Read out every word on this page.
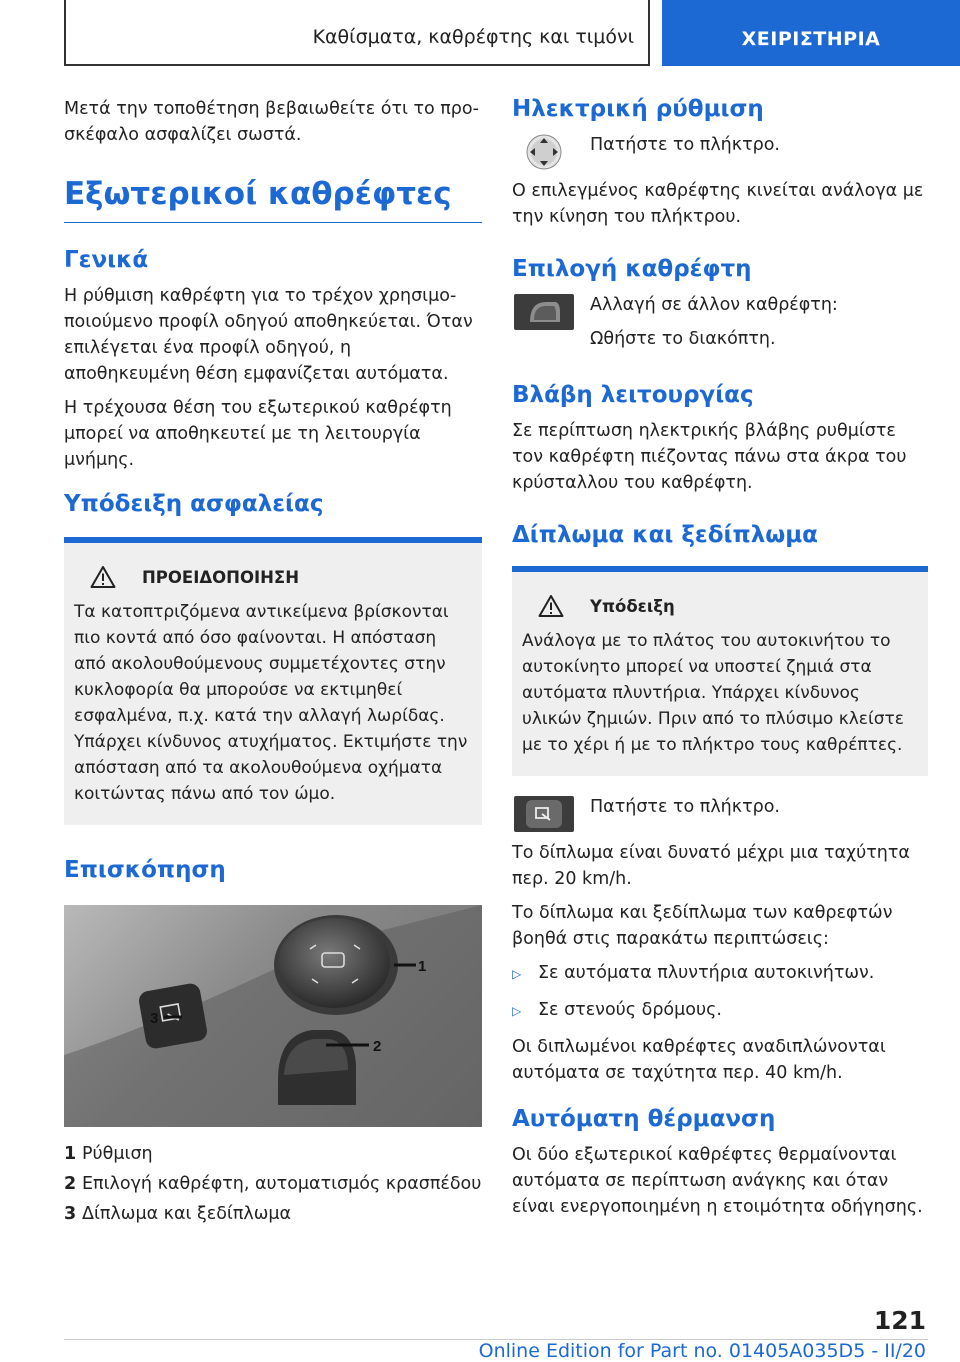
Καθίσματα, καθρέφτης και τιμόνι	ΧΕΙΡΙΣΤΗΡΙΑ

Μετά την τοποθέτηση βεβαιωθείτε ότι το προσκέφαλο ασφαλίζει σωστά.

Εξωτερικοί καθρέφτες
Γενικά

Η ρύθμιση καθρέφτη για το τρέχον χρησιμοποιούμενο προφίλ οδηγού αποθηκεύεται. Όταν επιλέγεται ένα προφίλ οδηγού, η αποθηκευμένη θέση εμφανίζεται αυτόματα.

Η τρέχουσα θέση του εξωτερικού καθρέφτη μπορεί να αποθηκευτεί με τη λειτουργία μνήμης.

Υπόδειξη ασφαλείας
ΠΡΟΕΙΔΟΠΟΙΗΣΗ

Τα κατοπτριζόμενα αντικείμενα βρίσκονται πιο κοντά από όσο φαίνονται. Η απόσταση από ακολουθούμενους συμμετέχοντες στην κυκλοφορία θα μπορούσε να εκτιμηθεί εσφαλμένα, π.χ. κατά την αλλαγή λωρίδας. Υπάρχει κίνδυνος ατυχήματος. Εκτιμήστε την απόσταση από τα ακολουθούμενα οχήματα κοιτώντας πάνω από τον ώμο.

Επισκόπηση
1
2
3
1 Ρύθμιση
2 Επιλογή καθρέφτη, αυτοματισμός κρασπέδου
3 Δίπλωμα και ξεδίπλωμα
Ηλεκτρική ρύθμιση

Πατήστε το πλήκτρο.

Ο επιλεγμένος καθρέφτης κινείται ανάλογα με την κίνηση του πλήκτρου.

Επιλογή καθρέφτη

Αλλαγή σε άλλον καθρέφτη:

Ωθήστε το διακόπτη.

Βλάβη λειτουργίας

Σε περίπτωση ηλεκτρικής βλάβης ρυθμίστε τον καθρέφτη πιέζοντας πάνω στα άκρα του κρύσταλλου του καθρέφτη.

Δίπλωμα και ξεδίπλωμα
Υπόδειξη

Ανάλογα με το πλάτος του αυτοκινήτου το αυτοκίνητο μπορεί να υποστεί ζημιά στα αυτόματα πλυντήρια. Υπάρχει κίνδυνος υλικών ζημιών. Πριν από το πλύσιμο κλείστε με το χέρι ή με το πλήκτρο τους καθρέπτες.

Πατήστε το πλήκτρο.

Το δίπλωμα είναι δυνατό μέχρι μια ταχύτητα περ. 20 km/h.

Το δίπλωμα και ξεδίπλωμα των καθρεφτών βοηθά στις παρακάτω περιπτώσεις:

▷ Σε αυτόματα πλυντήρια αυτοκινήτων.
▷ Σε στενούς δρόμους.

Οι διπλωμένοι καθρέφτες αναδιπλώνονται αυτόματα σε ταχύτητα περ. 40 km/h.

Αυτόματη θέρμανση

Οι δύο εξωτερικοί καθρέφτες θερμαίνονται αυτόματα σε περίπτωση ανάγκης και όταν είναι ενεργοποιημένη η ετοιμότητα οδήγησης.

121
Online Edition for Part no. 01405A035D5 - II/20
